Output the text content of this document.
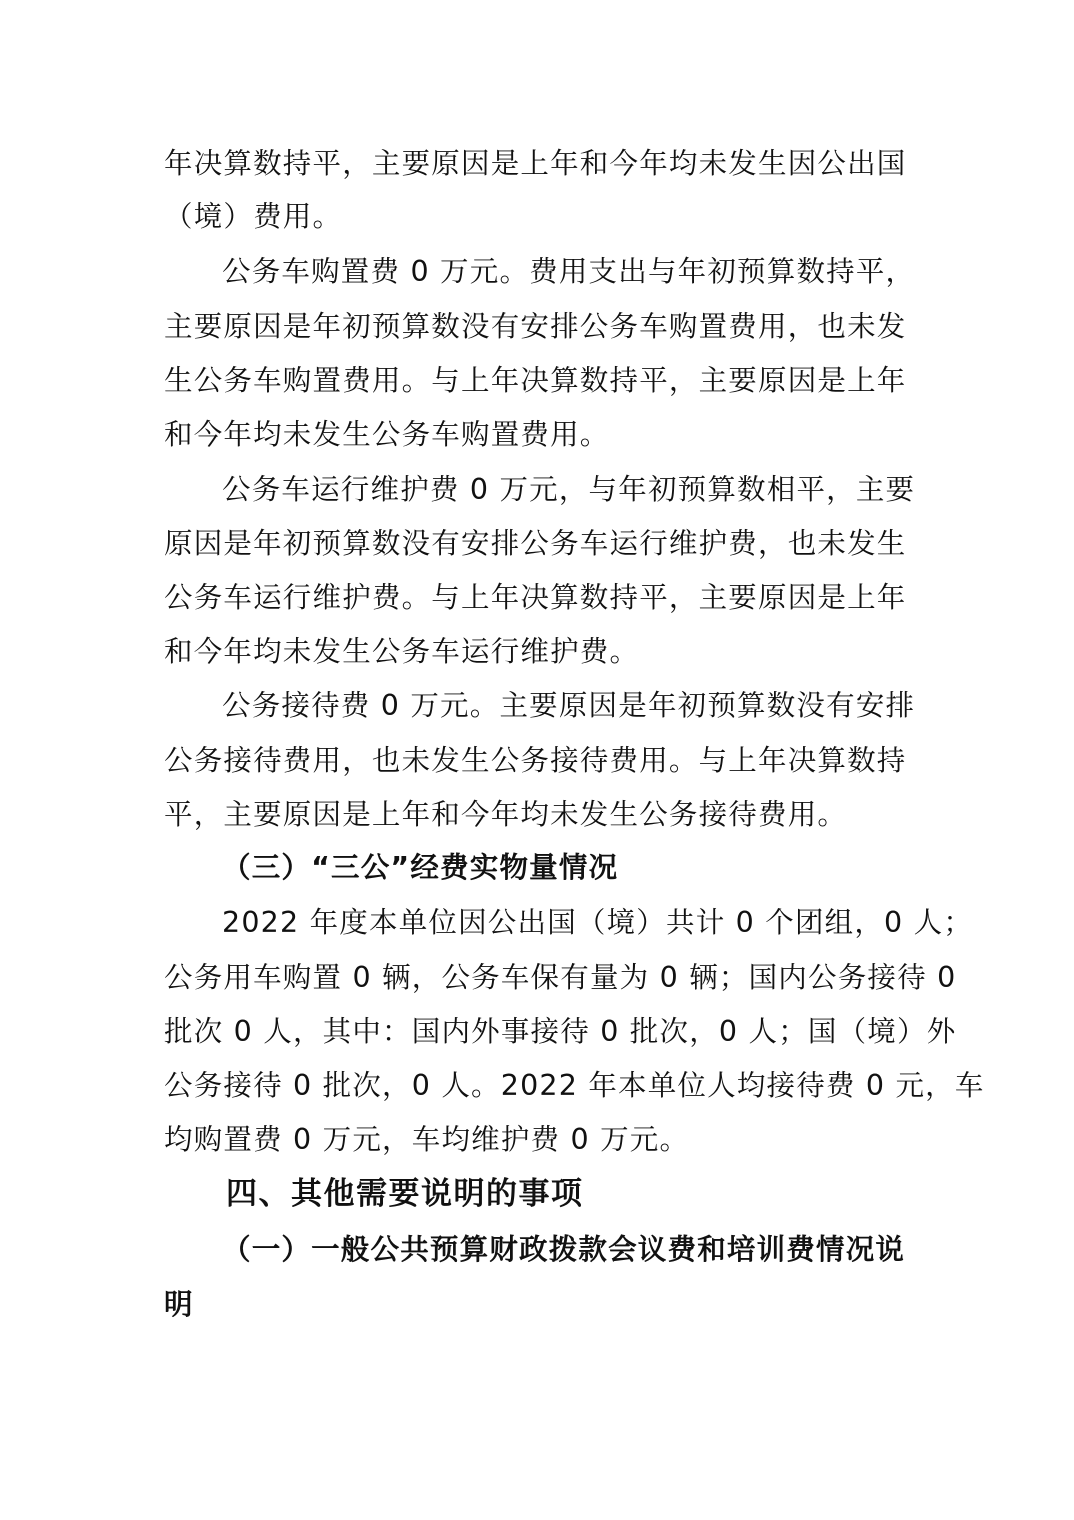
年决算数持平，主要原因是上年和今年均未发生因公出国
（境）费用。
公务车购置费 0 万元。费用支出与年初预算数持平，
主要原因是年初预算数没有安排公务车购置费用，也未发
生公务车购置费用。与上年决算数持平，主要原因是上年
和今年均未发生公务车购置费用。
公务车运行维护费 0 万元，与年初预算数相平，主要
原因是年初预算数没有安排公务车运行维护费，也未发生
公务车运行维护费。与上年决算数持平，主要原因是上年
和今年均未发生公务车运行维护费。
公务接待费 0 万元。主要原因是年初预算数没有安排
公务接待费用，也未发生公务接待费用。与上年决算数持
平，主要原因是上年和今年均未发生公务接待费用。
（三）“三公”经费实物量情况
2022 年度本单位因公出国（境）共计 0 个团组，0 人；
公务用车购置 0 辆，公务车保有量为 0 辆；国内公务接待 0
批次 0 人，其中：国内外事接待 0 批次，0 人；国（境）外
公务接待 0 批次，0 人。2022 年本单位人均接待费 0 元，车
均购置费 0 万元，车均维护费 0 万元。
四、其他需要说明的事项
（一）一般公共预算财政拨款会议费和培训费情况说
明
